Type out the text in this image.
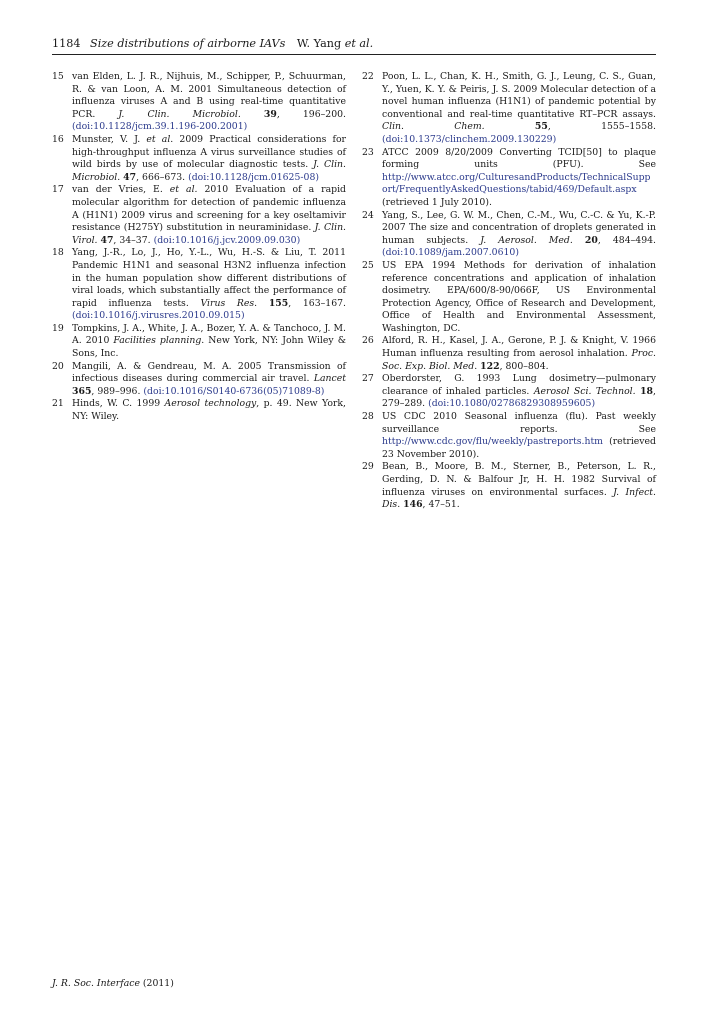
1184 Size distributions of airborne IAVs W. Yang et al.

15 van Elden, L. J. R., Nijhuis, M., Schipper, P., Schuurman, R. & van Loon, A. M. 2001 Simultaneous detection of influenza viruses A and B using real-time quantitative PCR. J. Clin. Microbiol. 39, 196–200. (doi:10.1128/jcm.39.1.196-200.2001)

16 Munster, V. J. et al. 2009 Practical considerations for high-throughput influenza A virus surveillance studies of wild birds by use of molecular diagnostic tests. J. Clin. Microbiol. 47, 666–673. (doi:10.1128/jcm.01625-08)

17 van der Vries, E. et al. 2010 Evaluation of a rapid molecular algorithm for detection of pandemic influenza A (H1N1) 2009 virus and screening for a key oseltamivir resistance (H275Y) substitution in neuraminidase. J. Clin. Virol. 47, 34–37. (doi:10.1016/j.jcv.2009.09.030)

18 Yang, J.-R., Lo, J., Ho, Y.-L., Wu, H.-S. & Liu, T. 2011 Pandemic H1N1 and seasonal H3N2 influenza infection in the human population show different distributions of viral loads, which substantially affect the performance of rapid influenza tests. Virus Res. 155, 163–167. (doi:10.1016/j.virusres.2010.09.015)

19 Tompkins, J. A., White, J. A., Bozer, Y. A. & Tanchoco, J. M. A. 2010 Facilities planning. New York, NY: John Wiley & Sons, Inc.

20 Mangili, A. & Gendreau, M. A. 2005 Transmission of infectious diseases during commercial air travel. Lancet 365, 989–996. (doi:10.1016/S0140-6736(05)71089-8)

21 Hinds, W. C. 1999 Aerosol technology, p. 49. New York, NY: Wiley.

22 Poon, L. L., Chan, K. H., Smith, G. J., Leung, C. S., Guan, Y., Yuen, K. Y. & Peiris, J. S. 2009 Molecular detection of a novel human influenza (H1N1) of pandemic potential by conventional and real-time quantitative RT–PCR assays. Clin. Chem.	55, 1555–1558. (doi:10.1373/clinchem.2009.130229)

23 ATCC 2009 8/20/2009 Converting TCID[50] to plaque forming units (PFU). See http://www.atcc.org/CulturesandProducts/TechnicalSupport/FrequentlyAskedQuestions/tabid/469/Default.aspx (retrieved 1 July 2010).

24 Yang, S., Lee, G. W. M., Chen, C.-M., Wu, C.-C. & Yu, K.-P. 2007 The size and concentration of droplets generated in human subjects. J. Aerosol. Med. 20, 484–494. (doi:10.1089/jam.2007.0610)

25 US EPA 1994 Methods for derivation of inhalation reference concentrations and application of inhalation dosimetry. EPA/600/8-90/066F, US Environmental Protection Agency, Office of Research and Development, Office of Health and Environmental Assessment, Washington, DC.

26 Alford, R. H., Kasel, J. A., Gerone, P. J. & Knight, V. 1966 Human influenza resulting from aerosol inhalation. Proc. Soc. Exp. Biol. Med. 122, 800–804.

27 Oberdorster, G. 1993 Lung dosimetry—pulmonary clearance of inhaled particles. Aerosol Sci. Technol. 18, 279–289. (doi:10.1080/02786829308959605)

28 US CDC 2010 Seasonal influenza (flu). Past weekly surveillance reports. See http://www.cdc.gov/flu/weekly/pastreports.htm (retrieved 23 November 2010).

29 Bean, B., Moore, B. M., Sterner, B., Peterson, L. R., Gerding, D. N. & Balfour Jr, H. H. 1982 Survival of influenza viruses on environmental surfaces. J. Infect. Dis. 146, 47–51.

J. R. Soc. Interface (2011)
